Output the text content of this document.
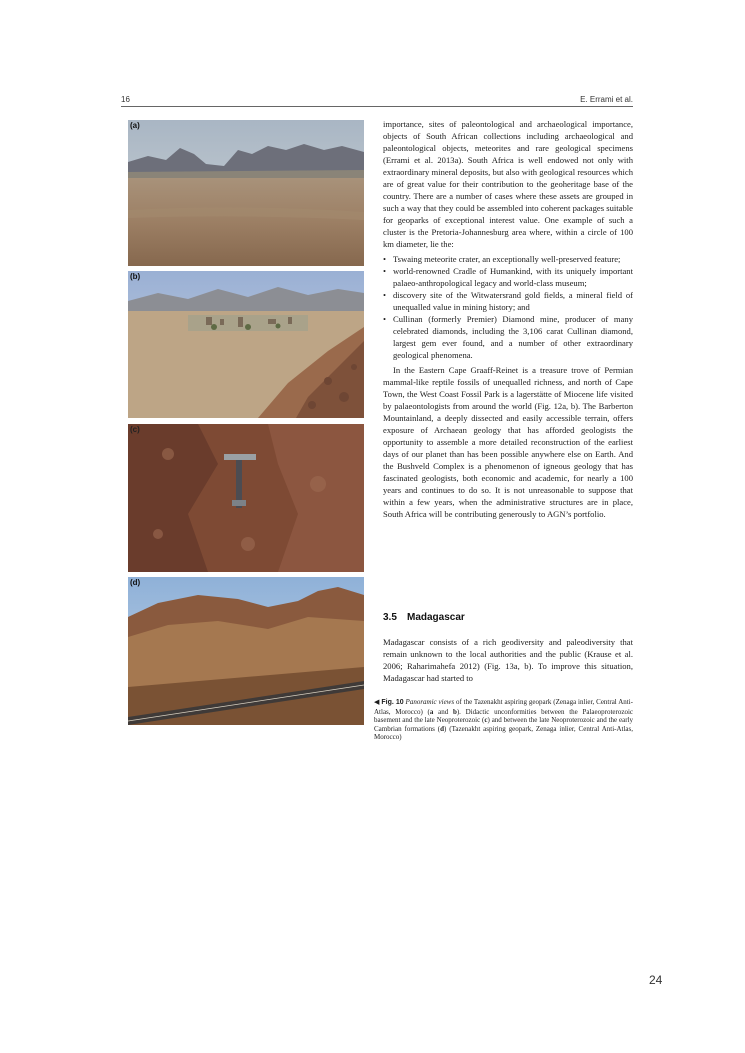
16	E. Errami et al.
(a)
(b)
(c)
(d)

importance, sites of paleontological and archaeological importance, objects of South African collections including archaeological and paleontological objects, meteorites and rare geological specimens (Errami et al. 2013a). South Africa is well endowed not only with extraordinary mineral deposits, but also with geological resources which are of great value for their contribution to the geoheritage base of the country. There are a number of cases where these assets are grouped in such a way that they could be assembled into coherent packages suitable for geoparks of exceptional interest value. One example of such a cluster is the Pretoria-Johannesburg area where, within a circle of 100 km diameter, lie the:

• Tswaing meteorite crater, an exceptionally well-preserved feature;
• world-renowned Cradle of Humankind, with its uniquely important palaeo-anthropological legacy and world-class museum;
• discovery site of the Witwatersrand gold fields, a mineral field of unequalled value in mining history; and
• Cullinan (formerly Premier) Diamond mine, producer of many celebrated diamonds, including the 3,106 carat Cullinan diamond, largest gem ever found, and a number of other extraordinary geological phenomena.

In the Eastern Cape Graaff-Reinet is a treasure trove of Permian mammal-like reptile fossils of unequalled richness, and north of Cape Town, the West Coast Fossil Park is a lagerstätte of Miocene life visited by palaeontologists from around the world (Fig. 12a, b). The Barberton Mountainland, a deeply dissected and easily accessible terrain, offers exposure of Archaean geology that has afforded geologists the opportunity to assemble a more detailed reconstruction of the earliest days of our planet than has been possible anywhere else on Earth. And the Bushveld Complex is a phenomenon of igneous geology that has fascinated geologists, both economic and academic, for nearly a 100 years and continues to do so. It is not unreasonable to suppose that within a few years, when the administrative structures are in place, South Africa will be contributing generously to AGN’s portfolio.

3.5 Madagascar

Madagascar consists of a rich geodiversity and paleodiversity that remain unknown to the local authorities and the public (Krause et al. 2006; Raharimahefa 2012) (Fig. 13a, b). To improve this situation, Madagascar had started to

◀ Fig. 10 Panoramic views of the Tazenakht aspiring geopark (Zenaga inlier, Central Anti-Atlas, Morocco) (a and b). Didactic unconformities between the Palaeoproterozoic basement and the late Neoproterozoic (c) and between the late Neoproterozoic and the early Cambrian formations (d) (Tazenakht aspiring geopark, Zenaga inlier, Central Anti-Atlas, Morocco)
24
